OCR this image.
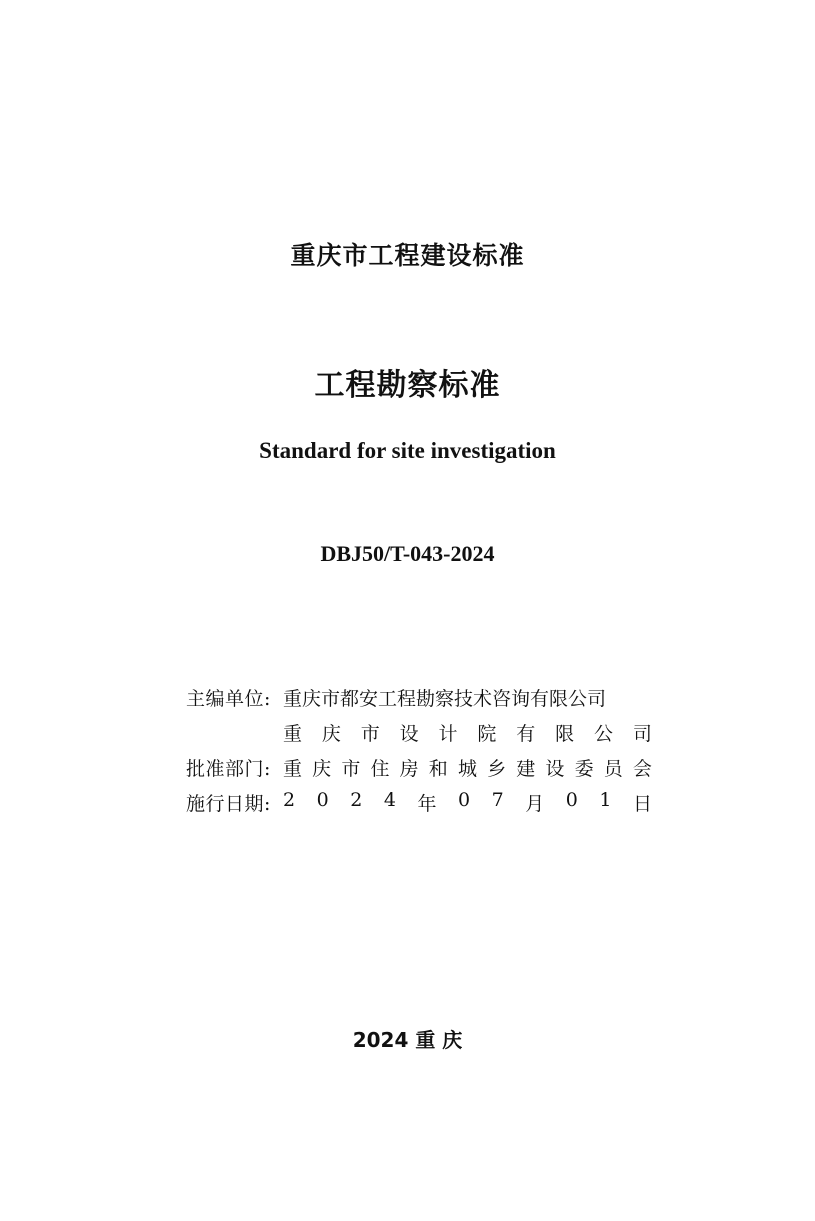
重庆市工程建设标准
工程勘察标准
Standard for site investigation
DBJ50/T-043-2024
主编单位: 重庆市都安工程勘察技术咨询有限公司
重 庆 市 设 计 院 有 限 公 司
批准部门: 重 庆 市 住 房 和 城 乡 建 设 委 员 会
施行日期: 2 0 2 4 年 0 7 月 0 1 日
2024 重 庆
